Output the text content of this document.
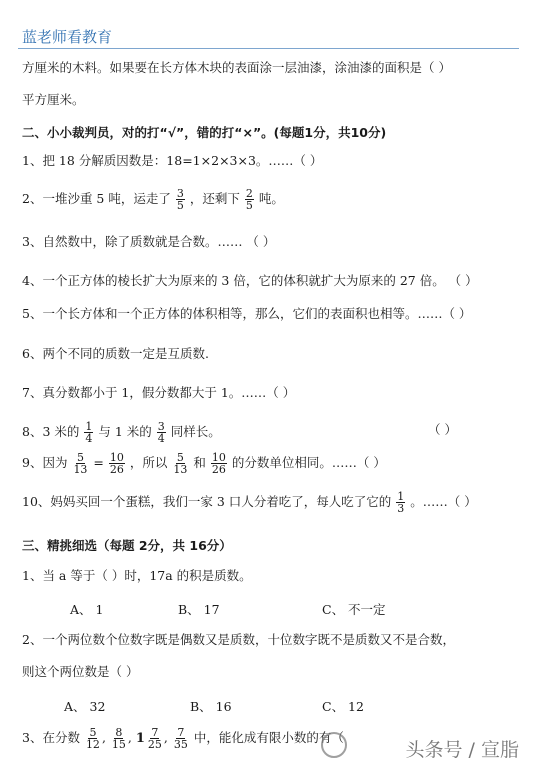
蓝老师看教育
方厘米的木料。如果要在长方体木块的表面涂一层油漆，涂油漆的面积是（ ）
平方厘米。
二、小小裁判员，对的打“√”，错的打“×”。(每题1分，共10分)
1、把 18 分解质因数是：18=1×2×3×3。……（ ）
2、一堆沙重 5 吨，运走了 $\frac{3}{5}$ ，还剩下 $\frac{2}{5}$ 吨。
3、自然数中，除了质数就是合数。…… （ ）
4、一个正方体的棱长扩大为原来的 3 倍，它的体积就扩大为原来的 27 倍。 （ ）
5、一个长方体和一个正方体的体积相等，那么，它们的表面积也相等。……（ ）
6、两个不同的质数一定是互质数.
7、真分数都小于 1，假分数都大于 1。……（ ）
8、3 米的 $\frac{1}{4}$ 与 1 米的 $\frac{3}{4}$ 同样长。	（ ）
9、因为 $\frac{5}{13} = \frac{10}{26}$ ，所以 $\frac{5}{13}$ 和 $\frac{10}{26}$ 的分数单位相同。……（ ）
10、妈妈买回一个蛋糕，我们一家 3 口人分着吃了，每人吃了它的 $\frac{1}{3}$ 。……（ ）
三、精挑细选（每题 2分，共 16分）
1、当 a 等于（ ）时，17a 的积是质数。
A、 1	B、 17	C、 不一定
2、一个两位数个位数字既是偶数又是质数，十位数字既不是质数又不是合数，
则这个两位数是（ ）
A、 32	B、 16	C、 12
3、在分数 $\frac{5}{12}$ , $\frac{8}{15}$ , $1 \frac{7}{25}$ , $\frac{7}{35}$ 中，能化成有限小数的有（
头条号 / 宣脂
